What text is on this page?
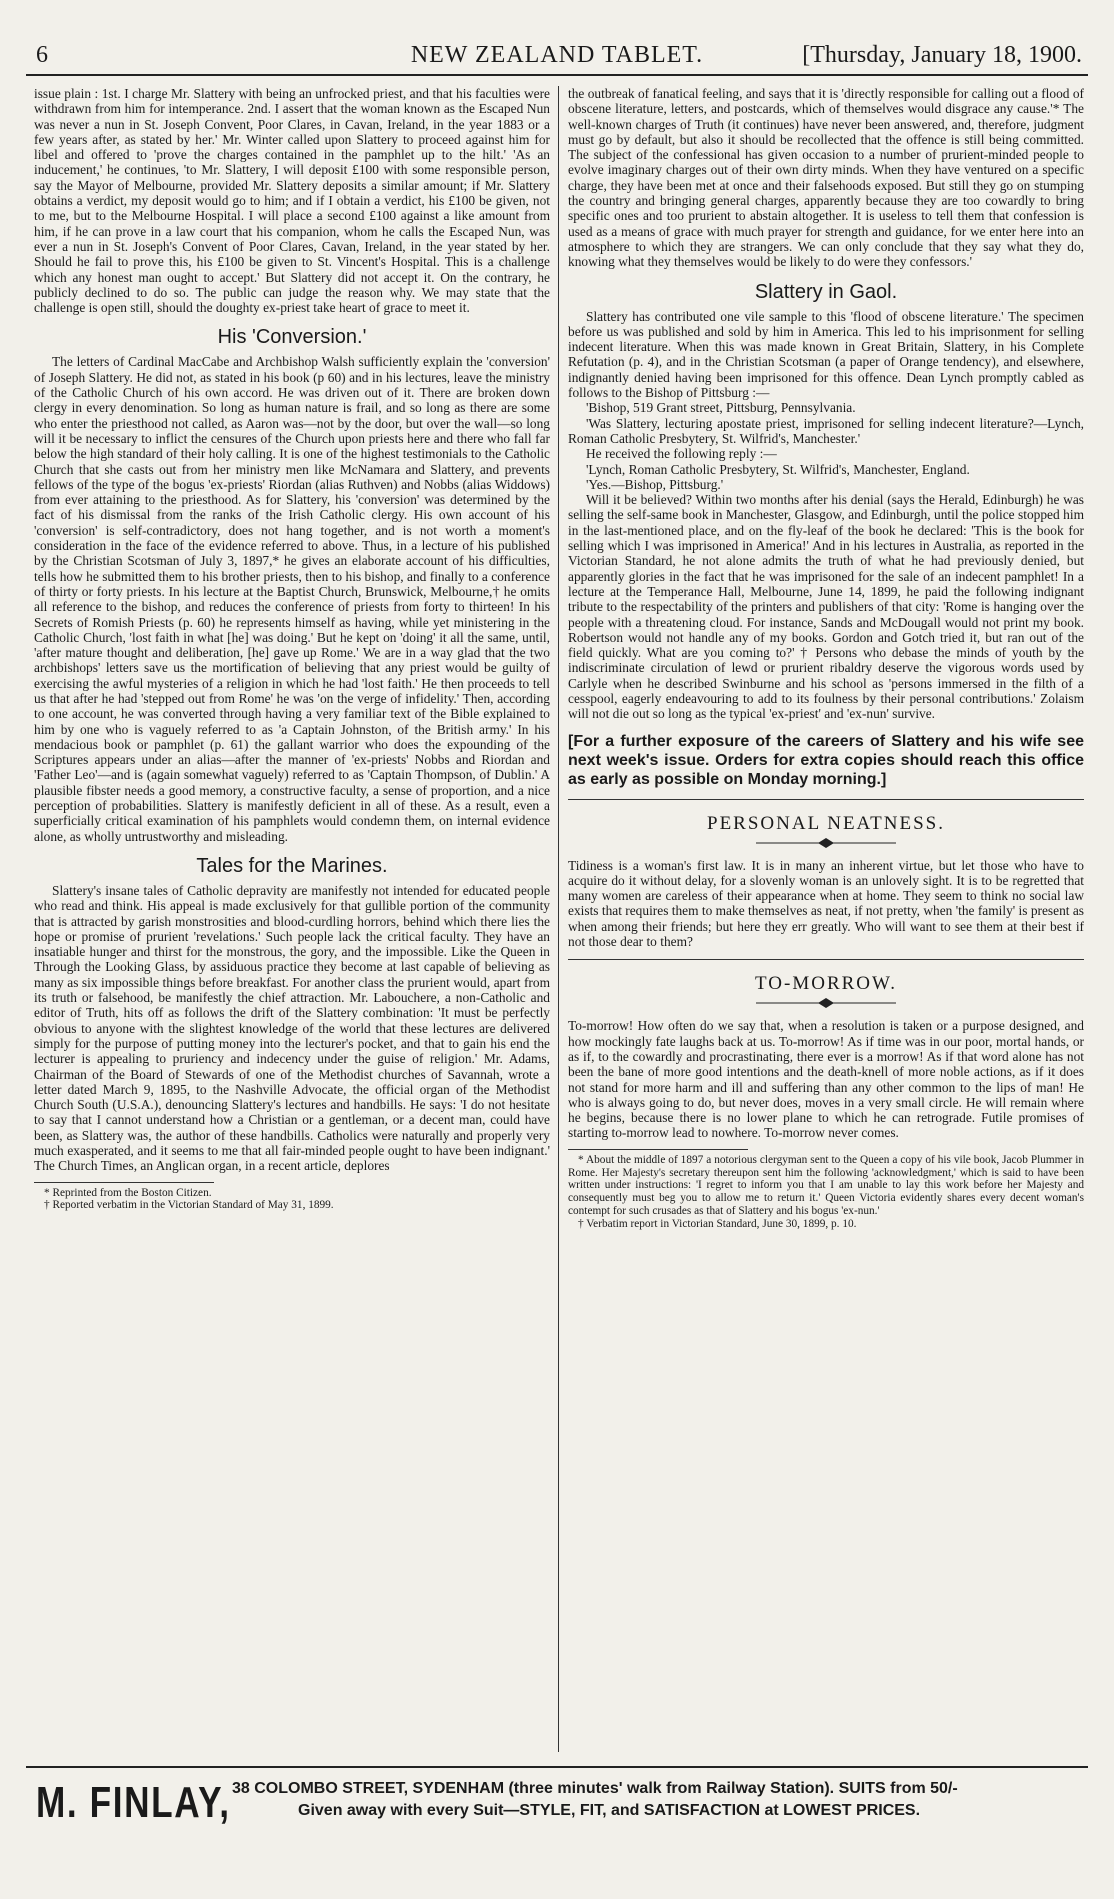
6	NEW ZEALAND TABLET.	[Thursday, January 18, 1900.

issue plain : 1st. I charge Mr. Slattery with being an unfrocked priest, and that his faculties were withdrawn from him for intemperance. 2nd. I assert that the woman known as the Escaped Nun was never a nun in St. Joseph Convent, Poor Clares, in Cavan, Ireland, in the year 1883 or a few years after, as stated by her.' Mr. Winter called upon Slattery to proceed against him for libel and offered to 'prove the charges contained in the pamphlet up to the hilt.' 'As an inducement,' he continues, 'to Mr. Slattery, I will deposit £100 with some responsible person, say the Mayor of Melbourne, provided Mr. Slattery deposits a similar amount; if Mr. Slattery obtains a verdict, my deposit would go to him; and if I obtain a verdict, his £100 be given, not to me, but to the Melbourne Hospital. I will place a second £100 against a like amount from him, if he can prove in a law court that his companion, whom he calls the Escaped Nun, was ever a nun in St. Joseph's Convent of Poor Clares, Cavan, Ireland, in the year stated by her. Should he fail to prove this, his £100 be given to St. Vincent's Hospital. This is a challenge which any honest man ought to accept.' But Slattery did not accept it. On the contrary, he publicly declined to do so. The public can judge the reason why. We may state that the challenge is open still, should the doughty ex-priest take heart of grace to meet it.

His 'Conversion.'

The letters of Cardinal MacCabe and Archbishop Walsh sufficiently explain the 'conversion' of Joseph Slattery. He did not, as stated in his book (p 60) and in his lectures, leave the ministry of the Catholic Church of his own accord. He was driven out of it. There are broken down clergy in every denomination. So long as human nature is frail, and so long as there are some who enter the priesthood not called, as Aaron was—not by the door, but over the wall—so long will it be necessary to inflict the censures of the Church upon priests here and there who fall far below the high standard of their holy calling. It is one of the highest testimonials to the Catholic Church that she casts out from her ministry men like McNamara and Slattery, and prevents fellows of the type of the bogus 'ex-priests' Riordan (alias Ruthven) and Nobbs (alias Widdows) from ever attaining to the priesthood. As for Slattery, his 'conversion' was determined by the fact of his dismissal from the ranks of the Irish Catholic clergy. His own account of his 'conversion' is self-contradictory, does not hang together, and is not worth a moment's consideration in the face of the evidence referred to above. Thus, in a lecture of his published by the Christian Scotsman of July 3, 1897,* he gives an elaborate account of his difficulties, tells how he submitted them to his brother priests, then to his bishop, and finally to a conference of thirty or forty priests. In his lecture at the Baptist Church, Brunswick, Melbourne,† he omits all reference to the bishop, and reduces the conference of priests from forty to thirteen! In his Secrets of Romish Priests (p. 60) he represents himself as having, while yet ministering in the Catholic Church, 'lost faith in what [he] was doing.' But he kept on 'doing' it all the same, until, 'after mature thought and deliberation, [he] gave up Rome.' We are in a way glad that the two archbishops' letters save us the mortification of believing that any priest would be guilty of exercising the awful mysteries of a religion in which he had 'lost faith.' He then proceeds to tell us that after he had 'stepped out from Rome' he was 'on the verge of infidelity.' Then, according to one account, he was converted through having a very familiar text of the Bible explained to him by one who is vaguely referred to as 'a Captain Johnston, of the British army.' In his mendacious book or pamphlet (p. 61) the gallant warrior who does the expounding of the Scriptures appears under an alias—after the manner of 'ex-priests' Nobbs and Riordan and 'Father Leo'—and is (again somewhat vaguely) referred to as 'Captain Thompson, of Dublin.' A plausible fibster needs a good memory, a constructive faculty, a sense of proportion, and a nice perception of probabilities. Slattery is manifestly deficient in all of these. As a result, even a superficially critical examination of his pamphlets would condemn them, on internal evidence alone, as wholly untrustworthy and misleading.

Tales for the Marines.

Slattery's insane tales of Catholic depravity are manifestly not intended for educated people who read and think. His appeal is made exclusively for that gullible portion of the community that is attracted by garish monstrosities and blood-curdling horrors, behind which there lies the hope or promise of prurient 'revelations.' Such people lack the critical faculty. They have an insatiable hunger and thirst for the monstrous, the gory, and the impossible. Like the Queen in Through the Looking Glass, by assiduous practice they become at last capable of believing as many as six impossible things before breakfast. For another class the prurient would, apart from its truth or falsehood, be manifestly the chief attraction. Mr. Labouchere, a non-Catholic and editor of Truth, hits off as follows the drift of the Slattery combination: 'It must be perfectly obvious to anyone with the slightest knowledge of the world that these lectures are delivered simply for the purpose of putting money into the lecturer's pocket, and that to gain his end the lecturer is appealing to pruriency and indecency under the guise of religion.' Mr. Adams, Chairman of the Board of Stewards of one of the Methodist churches of Savannah, wrote a letter dated March 9, 1895, to the Nashville Advocate, the official organ of the Methodist Church South (U.S.A.), denouncing Slattery's lectures and handbills. He says: 'I do not hesitate to say that I cannot understand how a Christian or a gentleman, or a decent man, could have been, as Slattery was, the author of these handbills. Catholics were naturally and properly very much exasperated, and it seems to me that all fair-minded people ought to have been indignant.' The Church Times, an Anglican organ, in a recent article, deplores

* Reprinted from the Boston Citizen.

† Reported verbatim in the Victorian Standard of May 31, 1899.

the outbreak of fanatical feeling, and says that it is 'directly responsible for calling out a flood of obscene literature, letters, and postcards, which of themselves would disgrace any cause.'* The well-known charges of Truth (it continues) have never been answered, and, therefore, judgment must go by default, but also it should be recollected that the offence is still being committed. The subject of the confessional has given occasion to a number of prurient-minded people to evolve imaginary charges out of their own dirty minds. When they have ventured on a specific charge, they have been met at once and their falsehoods exposed. But still they go on stumping the country and bringing general charges, apparently because they are too cowardly to bring specific ones and too prurient to abstain altogether. It is useless to tell them that confession is used as a means of grace with much prayer for strength and guidance, for we enter here into an atmosphere to which they are strangers. We can only conclude that they say what they do, knowing what they themselves would be likely to do were they confessors.'

Slattery in Gaol.

Slattery has contributed one vile sample to this 'flood of obscene literature.' The specimen before us was published and sold by him in America. This led to his imprisonment for selling indecent literature. When this was made known in Great Britain, Slattery, in his Complete Refutation (p. 4), and in the Christian Scotsman (a paper of Orange tendency), and elsewhere, indignantly denied having been imprisoned for this offence. Dean Lynch promptly cabled as follows to the Bishop of Pittsburg :—

'Bishop, 519 Grant street, Pittsburg, Pennsylvania.

'Was Slattery, lecturing apostate priest, imprisoned for selling indecent literature?—Lynch, Roman Catholic Presbytery, St. Wilfrid's, Manchester.'

He received the following reply :—

'Lynch, Roman Catholic Presbytery, St. Wilfrid's, Manchester, England.

'Yes.—Bishop, Pittsburg.'

Will it be believed? Within two months after his denial (says the Herald, Edinburgh) he was selling the self-same book in Manchester, Glasgow, and Edinburgh, until the police stopped him in the last-mentioned place, and on the fly-leaf of the book he declared: 'This is the book for selling which I was imprisoned in America!' And in his lectures in Australia, as reported in the Victorian Standard, he not alone admits the truth of what he had previously denied, but apparently glories in the fact that he was imprisoned for the sale of an indecent pamphlet! In a lecture at the Temperance Hall, Melbourne, June 14, 1899, he paid the following indignant tribute to the respectability of the printers and publishers of that city: 'Rome is hanging over the people with a threatening cloud. For instance, Sands and McDougall would not print my book. Robertson would not handle any of my books. Gordon and Gotch tried it, but ran out of the field quickly. What are you coming to?' † Persons who debase the minds of youth by the indiscriminate circulation of lewd or prurient ribaldry deserve the vigorous words used by Carlyle when he described Swinburne and his school as 'persons immersed in the filth of a cesspool, eagerly endeavouring to add to its foulness by their personal contributions.' Zolaism will not die out so long as the typical 'ex-priest' and 'ex-nun' survive.

[For a further exposure of the careers of Slattery and his wife see next week's issue. Orders for extra copies should reach this office as early as possible on Monday morning.]
PERSONAL NEATNESS.

Tidiness is a woman's first law. It is in many an inherent virtue, but let those who have to acquire do it without delay, for a slovenly woman is an unlovely sight. It is to be regretted that many women are careless of their appearance when at home. They seem to think no social law exists that requires them to make themselves as neat, if not pretty, when 'the family' is present as when among their friends; but here they err greatly. Who will want to see them at their best if not those dear to them?

TO-MORROW.

To-morrow! How often do we say that, when a resolution is taken or a purpose designed, and how mockingly fate laughs back at us. To-morrow! As if time was in our poor, mortal hands, or as if, to the cowardly and procrastinating, there ever is a morrow! As if that word alone has not been the bane of more good intentions and the death-knell of more noble actions, as if it does not stand for more harm and ill and suffering than any other common to the lips of man! He who is always going to do, but never does, moves in a very small circle. He will remain where he begins, because there is no lower plane to which he can retrograde. Futile promises of starting to-morrow lead to nowhere. To-morrow never comes.

* About the middle of 1897 a notorious clergyman sent to the Queen a copy of his vile book, Jacob Plummer in Rome. Her Majesty's secretary thereupon sent him the following 'acknowledgment,' which is said to have been written under instructions: 'I regret to inform you that I am unable to lay this work before her Majesty and consequently must beg you to allow me to return it.' Queen Victoria evidently shares every decent woman's contempt for such crusades as that of Slattery and his bogus 'ex-nun.'

† Verbatim report in Victorian Standard, June 30, 1899, p. 10.

M. FINLAY, 38 COLOMBO STREET, SYDENHAM (three minutes' walk from Railway Station). SUITS from 50/-
Given away with every Suit—STYLE, FIT, and SATISFACTION at LOWEST PRICES.
